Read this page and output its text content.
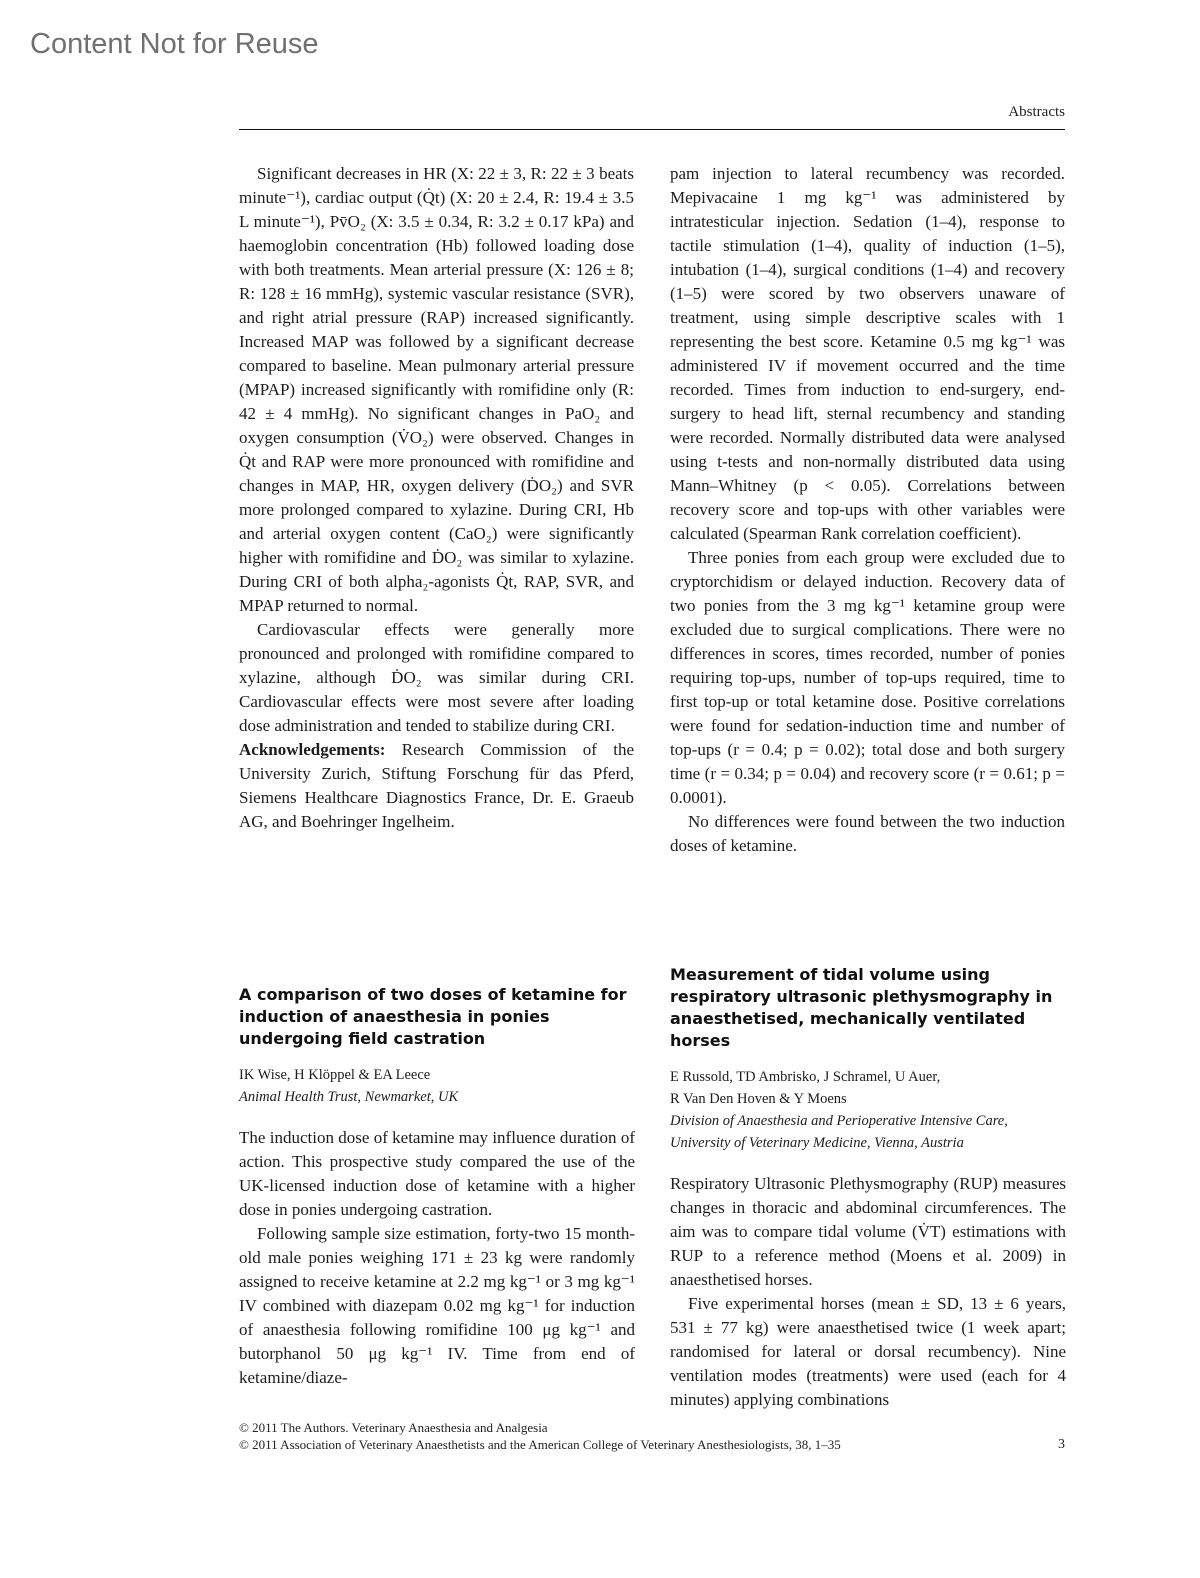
Content Not for Reuse
Abstracts

Significant decreases in HR (X: 22 ± 3, R: 22 ± 3 beats minute⁻¹), cardiac output (Q̇t) (X: 20 ± 2.4, R: 19.4 ± 3.5 L minute⁻¹), Pv̄O₂ (X: 3.5 ± 0.34, R: 3.2 ± 0.17 kPa) and haemoglobin concentration (Hb) followed loading dose with both treatments. Mean arterial pressure (X: 126 ± 8; R: 128 ± 16 mmHg), systemic vascular resistance (SVR), and right atrial pressure (RAP) increased significantly. Increased MAP was followed by a significant decrease compared to baseline. Mean pulmonary arterial pressure (MPAP) increased significantly with romifidine only (R: 42 ± 4 mmHg). No significant changes in PaO₂ and oxygen consumption (V̇O₂) were observed. Changes in Q̇t and RAP were more pronounced with romifidine and changes in MAP, HR, oxygen delivery (ḊO₂) and SVR more prolonged compared to xylazine. During CRI, Hb and arterial oxygen content (CaO₂) were significantly higher with romifidine and ḊO₂ was similar to xylazine. During CRI of both alpha₂-agonists Q̇t, RAP, SVR, and MPAP returned to normal.

Cardiovascular effects were generally more pronounced and prolonged with romifidine compared to xylazine, although ḊO₂ was similar during CRI. Cardiovascular effects were most severe after loading dose administration and tended to stabilize during CRI.

Acknowledgements: Research Commission of the University Zurich, Stiftung Forschung für das Pferd, Siemens Healthcare Diagnostics France, Dr. E. Graeub AG, and Boehringer Ingelheim.

pam injection to lateral recumbency was recorded. Mepivacaine 1 mg kg⁻¹ was administered by intratesticular injection. Sedation (1–4), response to tactile stimulation (1–4), quality of induction (1–5), intubation (1–4), surgical conditions (1–4) and recovery (1–5) were scored by two observers unaware of treatment, using simple descriptive scales with 1 representing the best score. Ketamine 0.5 mg kg⁻¹ was administered IV if movement occurred and the time recorded. Times from induction to end-surgery, end-surgery to head lift, sternal recumbency and standing were recorded. Normally distributed data were analysed using t-tests and non-normally distributed data using Mann–Whitney (p < 0.05). Correlations between recovery score and top-ups with other variables were calculated (Spearman Rank correlation coefficient).

Three ponies from each group were excluded due to cryptorchidism or delayed induction. Recovery data of two ponies from the 3 mg kg⁻¹ ketamine group were excluded due to surgical complications. There were no differences in scores, times recorded, number of ponies requiring top-ups, number of top-ups required, time to first top-up or total ketamine dose. Positive correlations were found for sedation-induction time and number of top-ups (r = 0.4; p = 0.02); total dose and both surgery time (r = 0.34; p = 0.04) and recovery score (r = 0.61; p = 0.0001).

No differences were found between the two induction doses of ketamine.

A comparison of two doses of ketamine for induction of anaesthesia in ponies undergoing field castration

IK Wise, H Klöppel & EA Leece

Animal Health Trust, Newmarket, UK

The induction dose of ketamine may influence duration of action. This prospective study compared the use of the UK-licensed induction dose of ketamine with a higher dose in ponies undergoing castration.

Following sample size estimation, forty-two 15 month-old male ponies weighing 171 ± 23 kg were randomly assigned to receive ketamine at 2.2 mg kg⁻¹ or 3 mg kg⁻¹ IV combined with diazepam 0.02 mg kg⁻¹ for induction of anaesthesia following romifidine 100 μg kg⁻¹ and butorphanol 50 μg kg⁻¹ IV. Time from end of ketamine/diaze-

Measurement of tidal volume using respiratory ultrasonic plethysmography in anaesthetised, mechanically ventilated horses

E Russold, TD Ambrisko, J Schramel, U Auer,

R Van Den Hoven & Y Moens

Division of Anaesthesia and Perioperative Intensive Care,

University of Veterinary Medicine, Vienna, Austria

Respiratory Ultrasonic Plethysmography (RUP) measures changes in thoracic and abdominal circumferences. The aim was to compare tidal volume (V̇T) estimations with RUP to a reference method (Moens et al. 2009) in anaesthetised horses.

Five experimental horses (mean ± SD, 13 ± 6 years, 531 ± 77 kg) were anaesthetised twice (1 week apart; randomised for lateral or dorsal recumbency). Nine ventilation modes (treatments) were used (each for 4 minutes) applying combinations

© 2011 The Authors. Veterinary Anaesthesia and Analgesia
© 2011 Association of Veterinary Anaesthetists and the American College of Veterinary Anesthesiologists, 38, 1–35	3
